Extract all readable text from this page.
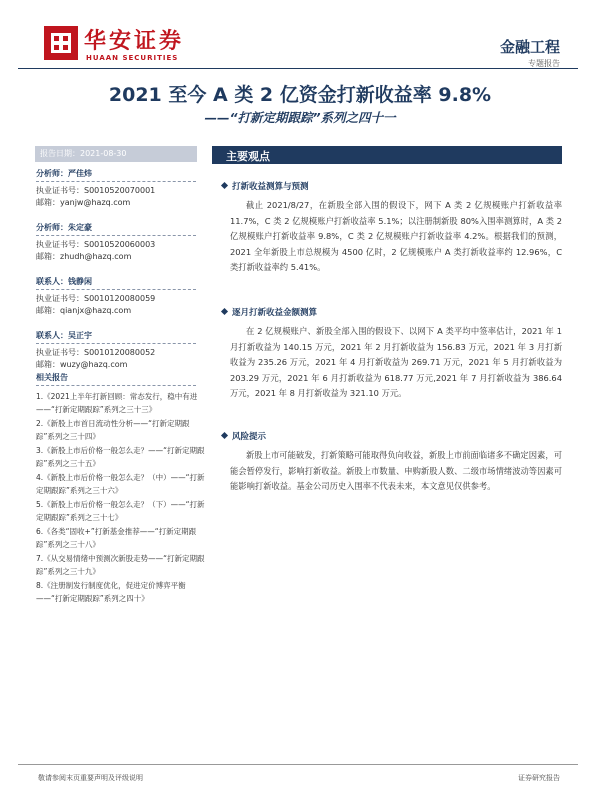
华安证券
HUAAN SECURITIES
金融工程
专题报告
2021 至今 A 类 2 亿资金打新收益率 9.8%
——“打新定期跟踪”系列之四十一
报告日期：2021-08-30	主要观点
分析师：严佳炜
执业证书号：S0010520070001
邮箱：yanjw@hazq.com
分析师：朱定豪
执业证书号：S0010520060003
邮箱：zhudh@hazq.com
联系人：钱静闲
执业证书号：S0010120080059
邮箱：qianjx@hazq.com
联系人：吴正宇
执业证书号：S0010120080052
邮箱：wuzy@hazq.com
相关报告
1.《2021上半年打新回顾：常态发行，稳中有进——“打新定期跟踪”系列之三十三》
2.《新股上市首日流动性分析——“打新定期跟踪”系列之三十四》
3.《新股上市后价格一般怎么走？——“打新定期跟踪”系列之三十五》
4.《新股上市后价格一般怎么走？（中）——“打新定期跟踪”系列之三十六》
5.《新股上市后价格一般怎么走？（下）——“打新定期跟踪”系列之三十七》
6.《各类“固收+”打新基金推荐——“打新定期跟踪”系列之三十八》
7.《从交易情绪中预测次新股走势——“打新定期跟踪”系列之三十九》
8.《注册制发行制度优化，促进定价博弈平衡——“打新定期跟踪”系列之四十》
打新收益测算与预测
截止 2021/8/27，在新股全部入围的假设下，网下 A 类 2 亿规模账户打新收益率 11.7%，C 类 2 亿规模账户打新收益率 5.1%；以注册制新股 80%入围率测算时，A 类 2 亿规模账户打新收益率 9.8%，C 类 2 亿规模账户打新收益率 4.2%。根据我们的预测，2021 全年新股上市总规模为 4500 亿时，2 亿规模账户 A 类打新收益率约 12.96%，C 类打新收益率约 5.41%。
逐月打新收益金额测算
在 2 亿规模账户、新股全部入围的假设下、以网下 A 类平均中签率估计，2021 年 1 月打新收益为 140.15 万元，2021 年 2 月打新收益为 156.83 万元，2021 年 3 月打新收益为 235.26 万元，2021 年 4 月打新收益为 269.71 万元，2021 年 5 月打新收益为 203.29 万元，2021 年 6 月打新收益为 618.77 万元,2021 年 7 月打新收益为 386.64 万元，2021 年 8 月打新收益为 321.10 万元。
风险提示
新股上市可能破发，打新策略可能取得负向收益，新股上市前面临诸多不确定因素，可能会暂停发行，影响打新收益。新股上市数量、申购新股人数、二级市场情绪波动等因素可能影响打新收益。基金公司历史入围率不代表未来，本文意见仅供参考。
敬请参阅末页重要声明及评级说明	证券研究报告
